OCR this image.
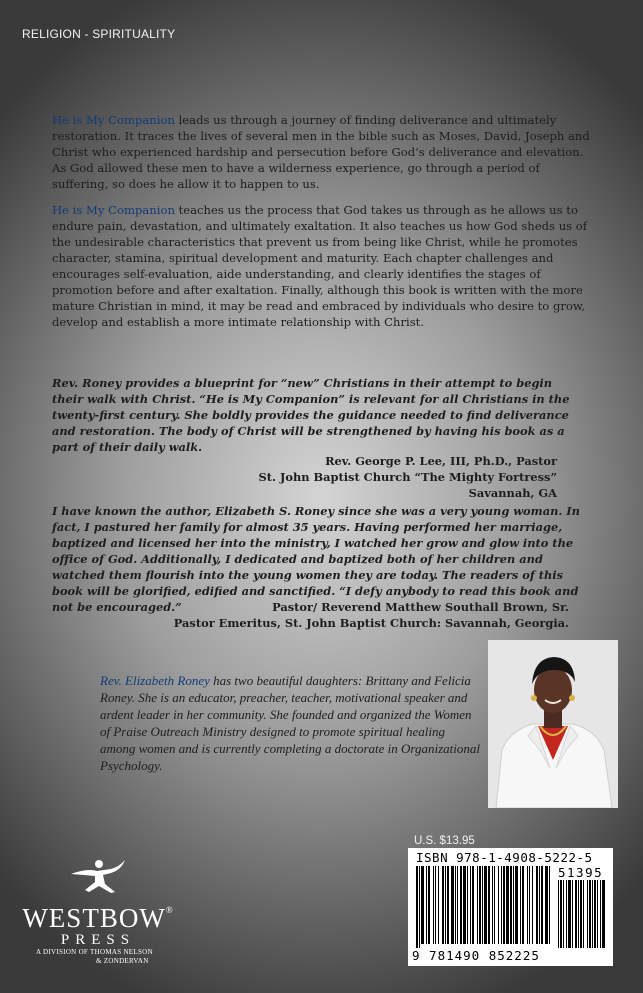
RELIGION - SPIRITUALITY

He is My Companion leads us through a journey of finding deliverance and ultimately restoration. It traces the lives of several men in the bible such as Moses, David, Joseph and Christ who experienced hardship and persecution before God’s deliverance and elevation. As God allowed these men to have a wilderness experience, go through a period of suffering, so does he allow it to happen to us.

He is My Companion teaches us the process that God takes us through as he allows us to endure pain, devastation, and ultimately exaltation. It also teaches us how God sheds us of the undesirable characteristics that prevent us from being like Christ, while he promotes character, stamina, spiritual development and maturity. Each chapter challenges and encourages self-evaluation, aide understanding, and clearly identifies the stages of promotion before and after exaltation. Finally, although this book is written with the more mature Christian in mind, it may be read and embraced by individuals who desire to grow, develop and establish a more intimate relationship with Christ.

Rev. Roney provides a blueprint for “new” Christians in their attempt to begin their walk with Christ. “He is My Companion” is relevant for all Christians in the twenty-first century. She boldly provides the guidance needed to find deliverance and restoration. The body of Christ will be strengthened by having his book as a part of their daily walk.

Rev. George P. Lee, III, Ph.D., Pastor
St. John Baptist Church “The Mighty Fortress”
Savannah, GA

I have known the author, Elizabeth S. Roney since she was a very young woman. In fact, I pastured her family for almost 35 years. Having performed her marriage, baptized and licensed her into the ministry, I watched her grow and glow into the office of God. Additionally, I dedicated and baptized both of her children and watched them flourish into the young women they are today. The readers of this book will be glorified, edified and sanctified. “I defy anybody to read this book and not be encouraged.”	Pastor/ Reverend Matthew Southall Brown, Sr.
Pastor Emeritus, St. John Baptist Church: Savannah, Georgia.

Rev. Elizabeth Roney has two beautiful daughters: Brittany and Felicia Roney. She is an educator, preacher, teacher, motivational speaker and ardent leader in her community. She founded and organized the Women of Praise Outreach Ministry designed to promote spiritual healing among women and is currently completing a doctorate in Organizational Psychology.

WESTBOW®
PRESS
A DIVISION OF THOMAS NELSON
& ZONDERVAN
U.S. $13.95
ISBN 978-1-4908-5222-5
51395
9 781490 852225
